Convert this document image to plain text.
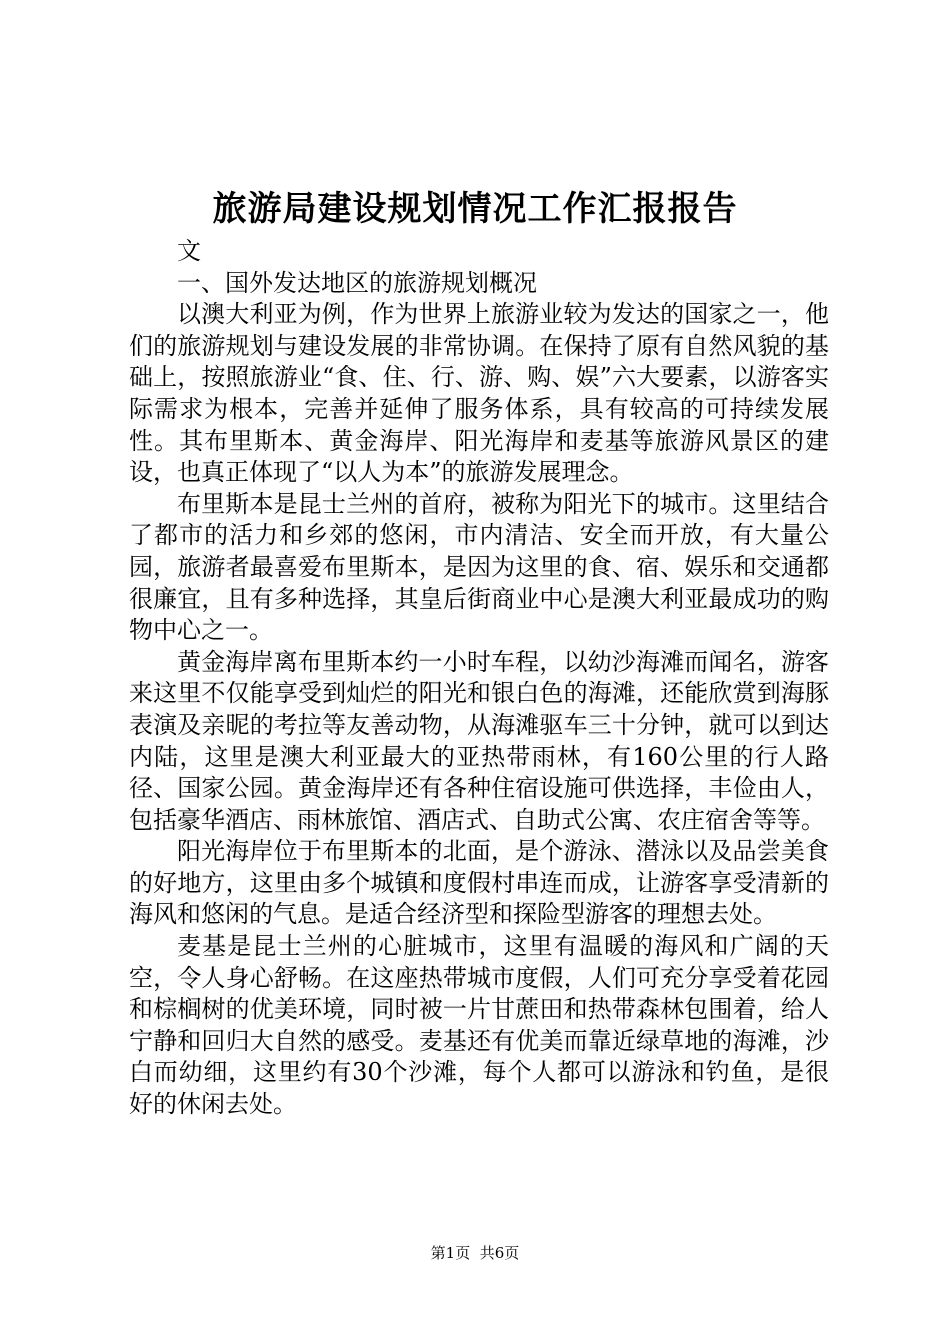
旅游局建设规划情况工作汇报报告

文

一、国外发达地区的旅游规划概况

以澳大利亚为例，作为世界上旅游业较为发达的国家之一，他们的旅游规划与建设发展的非常协调。在保持了原有自然风貌的基础上，按照旅游业“食、住、行、游、购、娱”六大要素，以游客实际需求为根本，完善并延伸了服务体系，具有较高的可持续发展性。其布里斯本、黄金海岸、阳光海岸和麦基等旅游风景区的建设，也真正体现了“以人为本”的旅游发展理念。

布里斯本是昆士兰州的首府，被称为阳光下的城市。这里结合了都市的活力和乡郊的悠闲，市内清洁、安全而开放，有大量公园，旅游者最喜爱布里斯本，是因为这里的食、宿、娱乐和交通都很廉宜，且有多种选择，其皇后街商业中心是澳大利亚最成功的购物中心之一。

黄金海岸离布里斯本约一小时车程，以幼沙海滩而闻名，游客来这里不仅能享受到灿烂的阳光和银白色的海滩，还能欣赏到海豚表演及亲昵的考拉等友善动物，从海滩驱车三十分钟，就可以到达内陆，这里是澳大利亚最大的亚热带雨林，有160公里的行人路径、国家公园。黄金海岸还有各种住宿设施可供选择，丰俭由人，包括豪华酒店、雨林旅馆、酒店式、自助式公寓、农庄宿舍等等。

阳光海岸位于布里斯本的北面，是个游泳、潜泳以及品尝美食的好地方，这里由多个城镇和度假村串连而成，让游客享受清新的海风和悠闲的气息。是适合经济型和探险型游客的理想去处。

麦基是昆士兰州的心脏城市，这里有温暖的海风和广阔的天空，令人身心舒畅。在这座热带城市度假，人们可充分享受着花园和棕榈树的优美环境，同时被一片甘蔗田和热带森林包围着，给人宁静和回归大自然的感受。麦基还有优美而靠近绿草地的海滩，沙白而幼细，这里约有30个沙滩，每个人都可以游泳和钓鱼，是很好的休闲去处。

第1页 共6页
